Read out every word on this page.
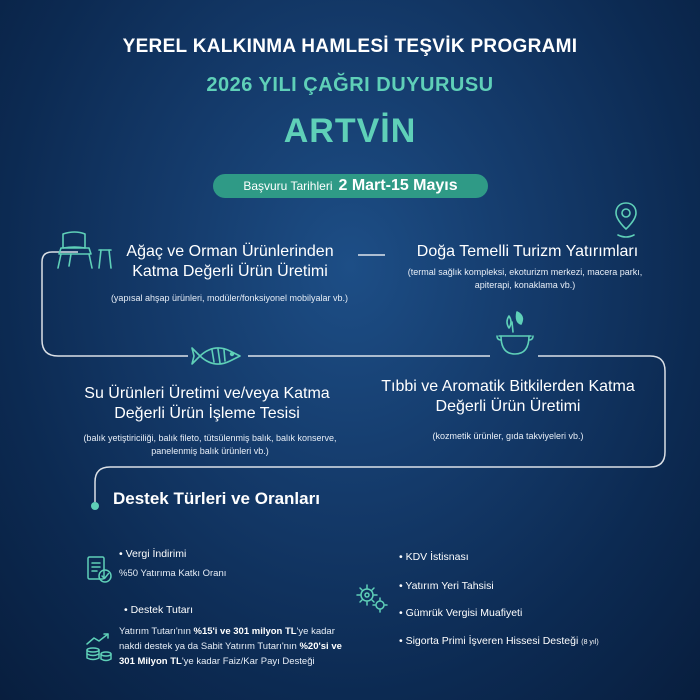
YEREL KALKINMA HAMLESİ TEŞVİK PROGRAMI
2026 YILI ÇAĞRI DUYURUSU
ARTVİN
Başvuru Tarihleri 2 Mart-15 Mayıs
Ağaç ve Orman Ürünlerinden Katma Değerli Ürün Üretimi
(yapısal ahşap ürünleri, modüler/fonksiyonel mobilyalar vb.)
Doğa Temelli Turizm Yatırımları
(termal sağlık kompleksi, ekoturizm merkezi, macera parkı, apiterapi, konaklama vb.)
Su Ürünleri Üretimi ve/veya Katma Değerli Ürün İşleme Tesisi
(balık yetiştiriciliği, balık fileto, tütsülenmiş balık, balık konserve, panelenmiş balık ürünleri vb.)
Tıbbi ve Aromatik Bitkilerden Katma Değerli Ürün Üretimi
(kozmetik ürünler, gıda takviyeleri vb.)
Destek Türleri ve Oranları
• Vergi İndirimi
%50 Yatırıma Katkı Oranı
• Destek Tutarı
Yatırım Tutarı'nın %15'i ve 301 milyon TL'ye kadar nakdi destek ya da Sabit Yatırım Tutarı'nın %20'si ve 301 Milyon TL'ye kadar Faiz/Kar Payı Desteği
• KDV İstisnası
• Yatırım Yeri Tahsisi
• Gümrük Vergisi Muafiyeti
• Sigorta Primi İşveren Hissesi Desteği (8 yıl)
